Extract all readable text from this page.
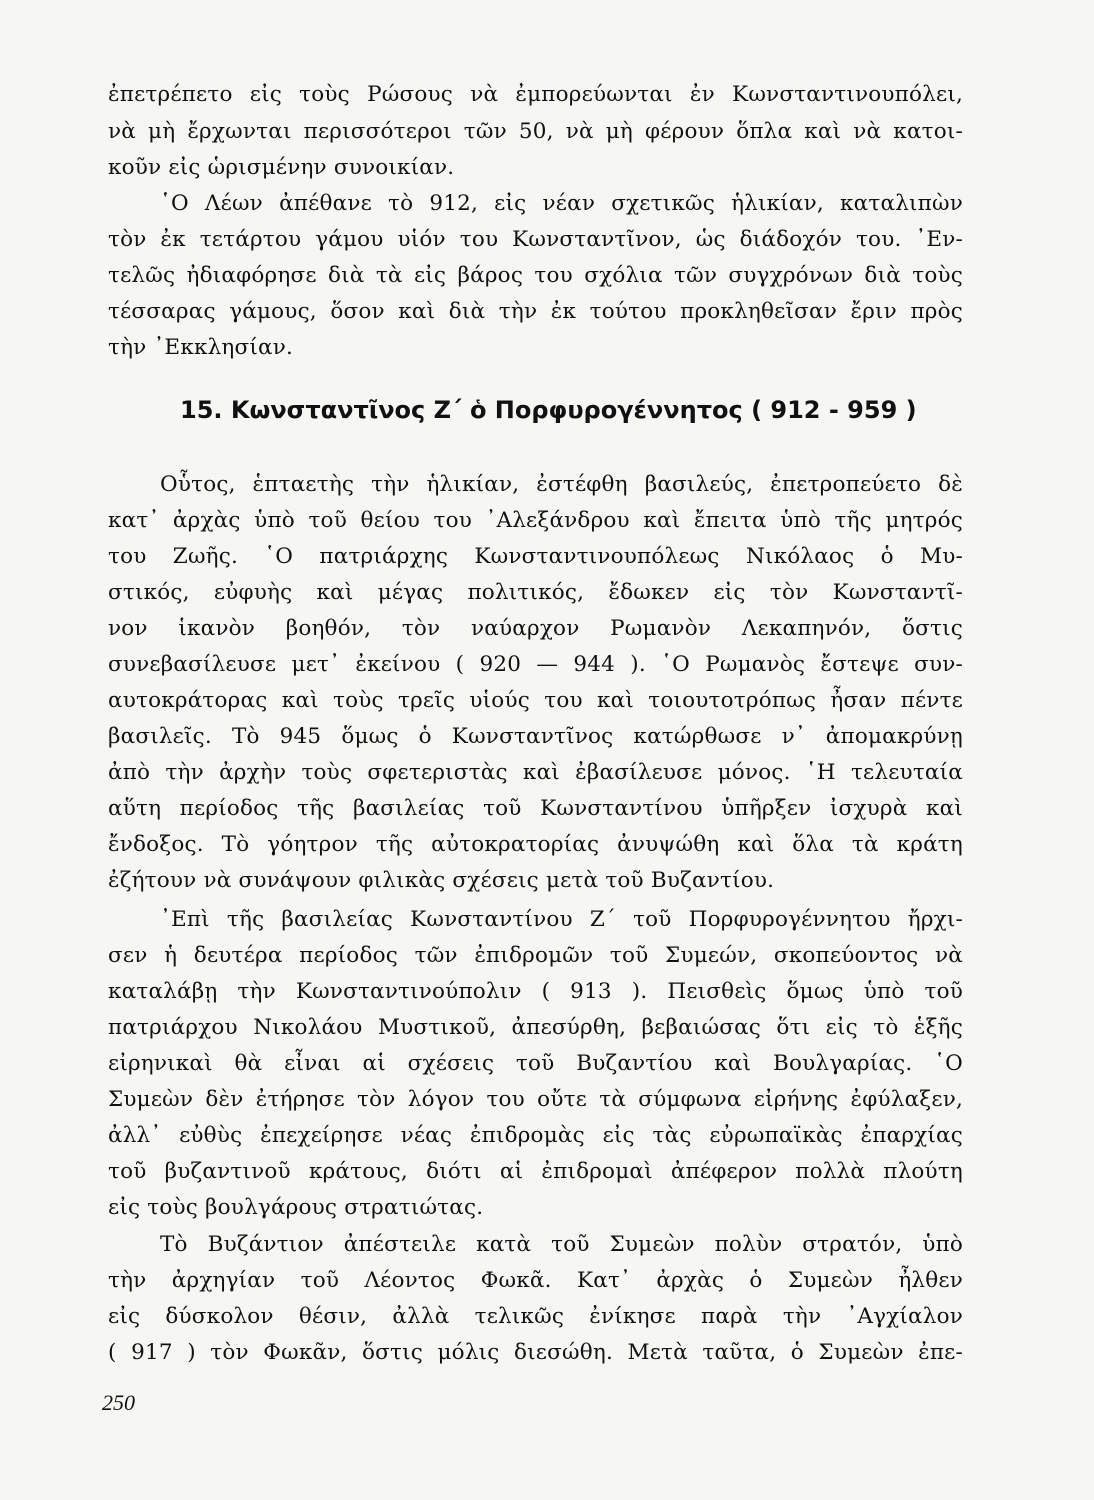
ἐπετρέπετο εἰς τοὺς Ρώσους νὰ ἐμπορεύωνται ἐν Κωνσταντινουπόλει,
νὰ μὴ ἔρχωνται περισσότεροι τῶν 50, νὰ μὴ φέρουν ὅπλα καὶ νὰ κατοι-
κοῦν εἰς ὡρισμένην συνοικίαν.
῾Ο Λέων ἀπέθανε τὸ 912, εἰς νέαν σχετικῶς ἡλικίαν, καταλιπὼν
τὸν ἐκ τετάρτου γάμου υἱόν του Κωνσταντῖνον, ὡς διάδοχόν του. ᾿Εν-
τελῶς ἠδιαφόρησε διὰ τὰ εἰς βάρος του σχόλια τῶν συγχρόνων διὰ τοὺς
τέσσαρας γάμους, ὅσον καὶ διὰ τὴν ἐκ τούτου προκληθεῖσαν ἔριν πρὸς
τὴν ᾿Εκκλησίαν.
15. Κωνσταντῖνος Ζ΄ ὁ Πορφυρογέννητος ( 912 - 959 )
Οὗτος, ἑπταετὴς τὴν ἡλικίαν, ἐστέφθη βασιλεύς, ἐπετροπεύετο δὲ
κατ᾿ ἀρχὰς ὑπὸ τοῦ θείου του ᾿Αλεξάνδρου καὶ ἔπειτα ὑπὸ τῆς μητρός
του Ζωῆς. ῾Ο πατριάρχης Κωνσταντινουπόλεως Νικόλαος ὁ Μυ-
στικός, εὐφυὴς καὶ μέγας πολιτικός, ἔδωκεν εἰς τὸν Κωνσταντῖ-
νον ἱκανὸν βοηθόν, τὸν ναύαρχον Ρωμανὸν Λεκαπηνόν, ὅστις
συνεβασίλευσε μετ᾿ ἐκείνου ( 920 — 944 ). ῾Ο Ρωμανὸς ἔστεψε συν-
αυτοκράτορας καὶ τοὺς τρεῖς υἱούς του καὶ τοιουτοτρόπως ἦσαν πέντε
βασιλεῖς. Τὸ 945 ὅμως ὁ Κωνσταντῖνος κατώρθωσε ν᾿ ἀπομακρύνῃ
ἀπὸ τὴν ἀρχὴν τοὺς σφετεριστὰς καὶ ἐβασίλευσε μόνος. ῾Η τελευταία
αὕτη περίοδος τῆς βασιλείας τοῦ Κωνσταντίνου ὑπῆρξεν ἰσχυρὰ καὶ
ἔνδοξος. Τὸ γόητρον τῆς αὐτοκρατορίας ἀνυψώθη καὶ ὅλα τὰ κράτη
ἐζήτουν νὰ συνάψουν φιλικὰς σχέσεις μετὰ τοῦ Βυζαντίου.
᾿Επὶ τῆς βασιλείας Κωνσταντίνου Ζ΄ τοῦ Πορφυρογέννητου ἤρχι-
σεν ἡ δευτέρα περίοδος τῶν ἐπιδρομῶν τοῦ Συμεών, σκοπεύοντος νὰ
καταλάβῃ τὴν Κωνσταντινούπολιν ( 913 ). Πεισθεὶς ὅμως ὑπὸ τοῦ
πατριάρχου Νικολάου Μυστικοῦ, ἀπεσύρθη, βεβαιώσας ὅτι εἰς τὸ ἑξῆς
εἰρηνικαὶ θὰ εἶναι αἱ σχέσεις τοῦ Βυζαντίου καὶ Βουλγαρίας. ῾Ο
Συμεὼν δὲν ἐτήρησε τὸν λόγον του οὔτε τὰ σύμφωνα εἰρήνης ἐφύλαξεν,
ἀλλ᾿ εὐθὺς ἐπεχείρησε νέας ἐπιδρομὰς εἰς τὰς εὐρωπαϊκὰς ἐπαρχίας
τοῦ βυζαντινοῦ κράτους, διότι αἱ ἐπιδρομαὶ ἀπέφερον πολλὰ πλούτη
εἰς τοὺς βουλγάρους στρατιώτας.
Τὸ Βυζάντιον ἀπέστειλε κατὰ τοῦ Συμεὼν πολὺν στρατόν, ὑπὸ
τὴν ἀρχηγίαν τοῦ Λέοντος Φωκᾶ. Κατ᾿ ἀρχὰς ὁ Συμεὼν ἦλθεν
εἰς δύσκολον θέσιν, ἀλλὰ τελικῶς ἐνίκησε παρὰ τὴν ᾿Αγχίαλον
( 917 ) τὸν Φωκᾶν, ὅστις μόλις διεσώθη. Μετὰ ταῦτα, ὁ Συμεὼν ἐπε-
250
